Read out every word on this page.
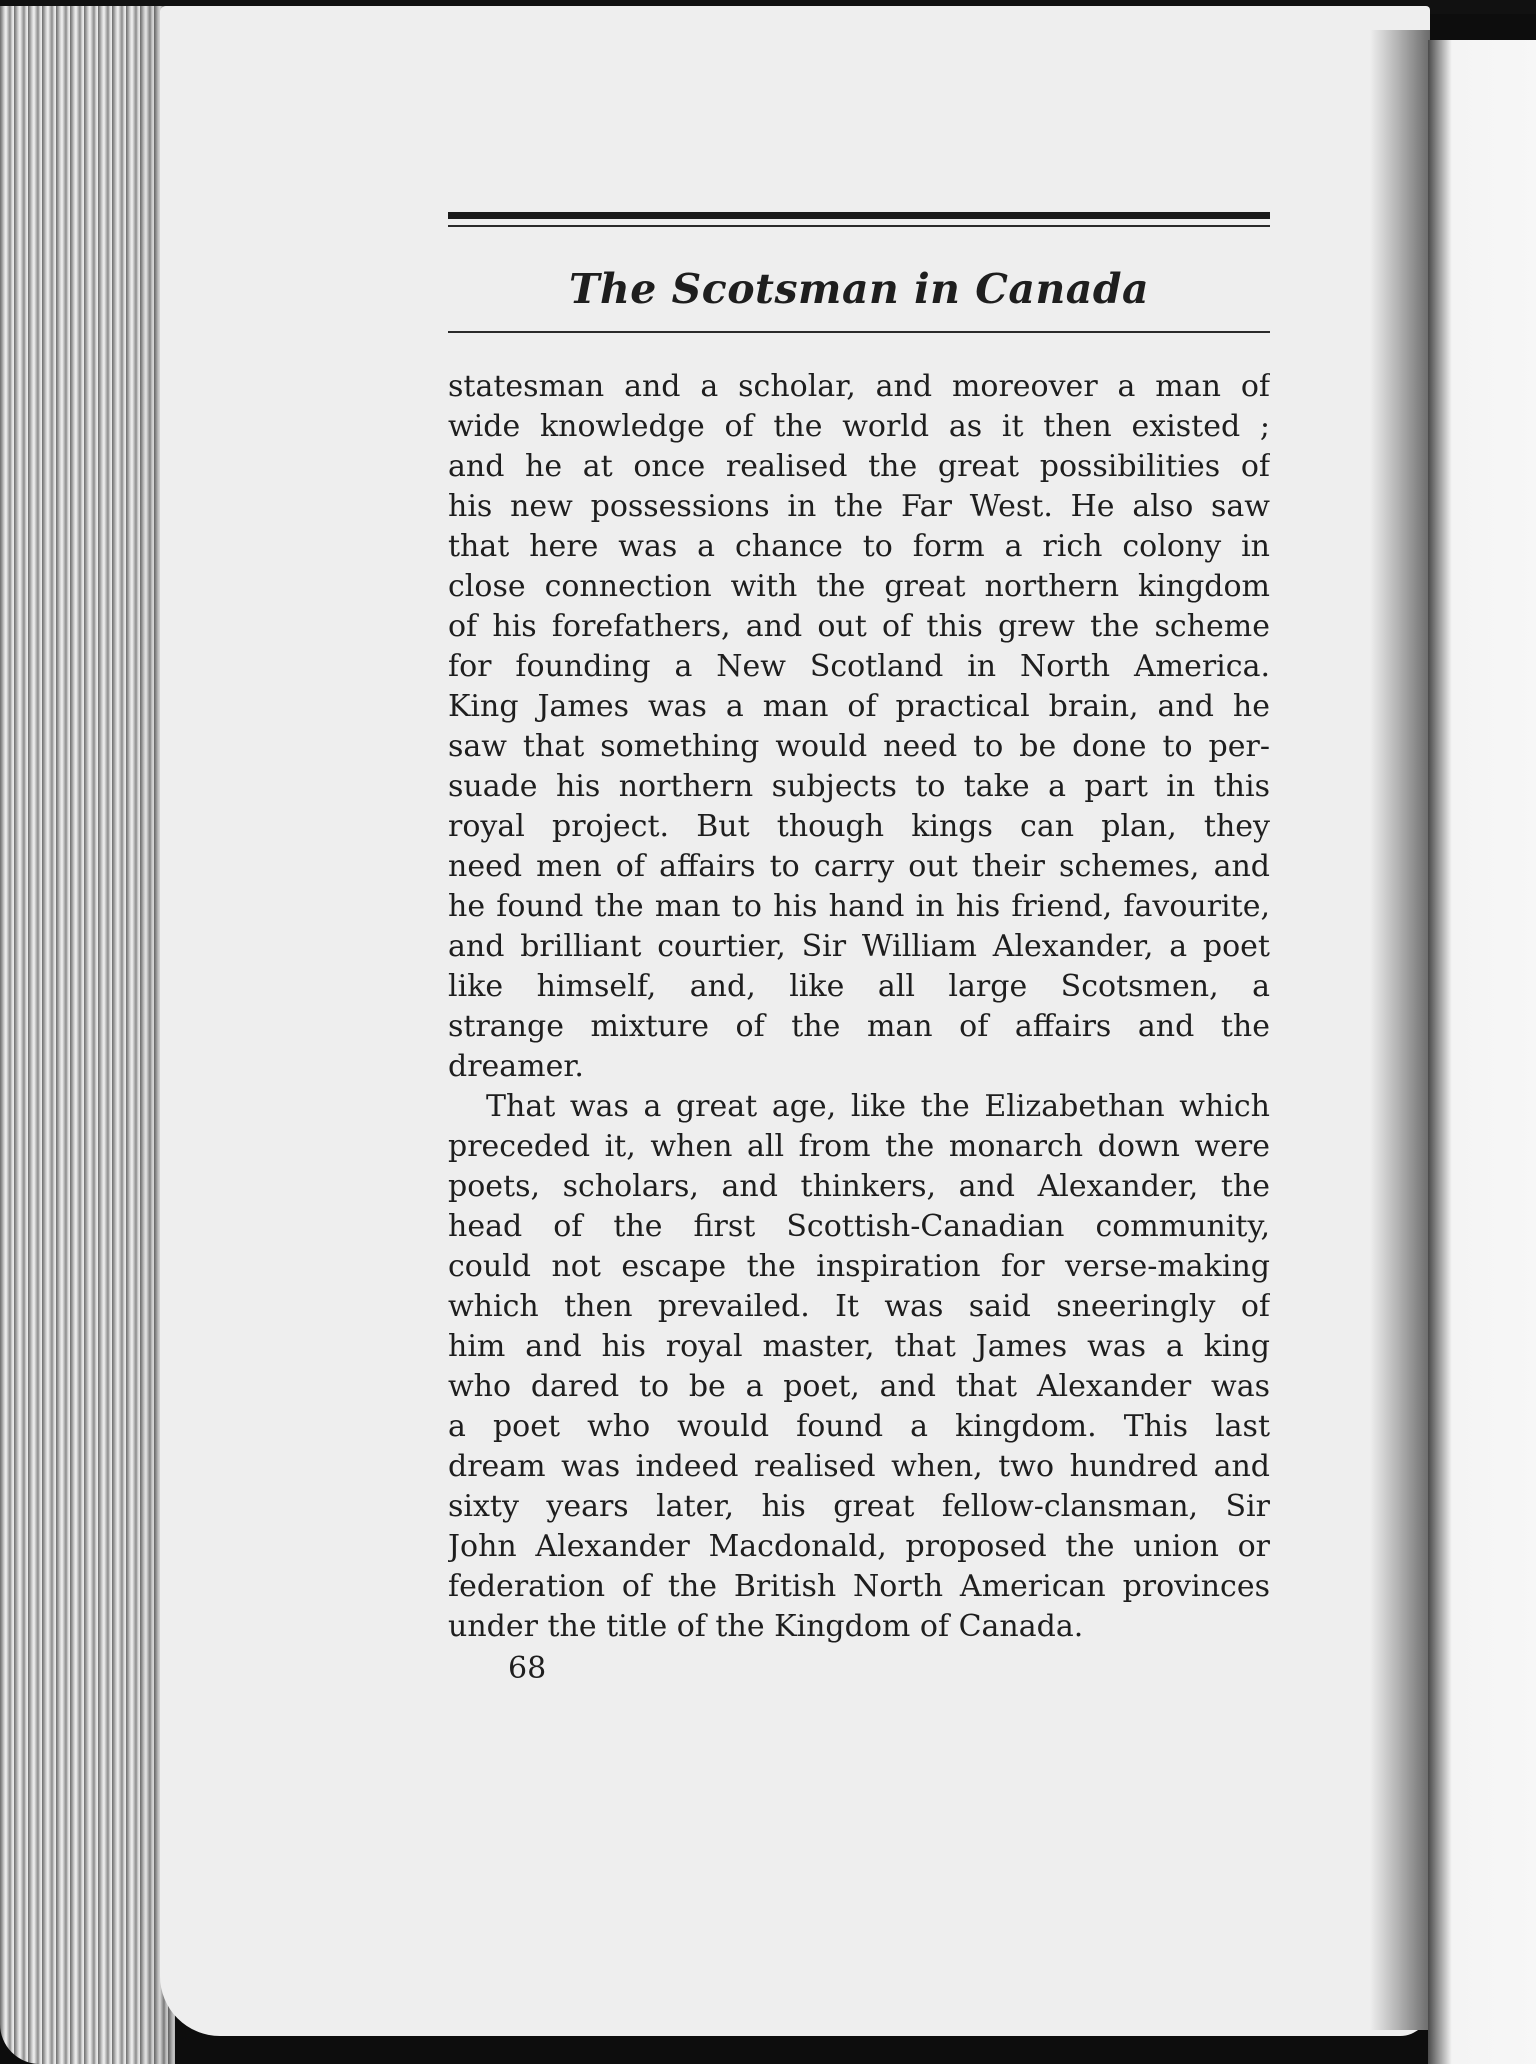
The Scotsman in Canada

statesman and a scholar, and moreover a man of
wide knowledge of the world as it then existed ;
and he at once realised the great possibilities of
his new possessions in the Far West. He also saw
that here was a chance to form a rich colony in
close connection with the great northern kingdom
of his forefathers, and out of this grew the scheme
for founding a New Scotland in North America.
King James was a man of practical brain, and he
saw that something would need to be done to per-
suade his northern subjects to take a part in this
royal project. But though kings can plan, they
need men of affairs to carry out their schemes, and
he found the man to his hand in his friend, favourite,
and brilliant courtier, Sir William Alexander, a poet
like himself, and, like all large Scotsmen, a
strange mixture of the man of affairs and the
dreamer.

That was a great age, like the Elizabethan which
preceded it, when all from the monarch down were
poets, scholars, and thinkers, and Alexander, the
head of the first Scottish-Canadian community,
could not escape the inspiration for verse-making
which then prevailed. It was said sneeringly of
him and his royal master, that James was a king
who dared to be a poet, and that Alexander was
a poet who would found a kingdom. This last
dream was indeed realised when, two hundred and
sixty years later, his great fellow-clansman, Sir
John Alexander Macdonald, proposed the union or
federation of the British North American provinces
under the title of the Kingdom of Canada.

68
